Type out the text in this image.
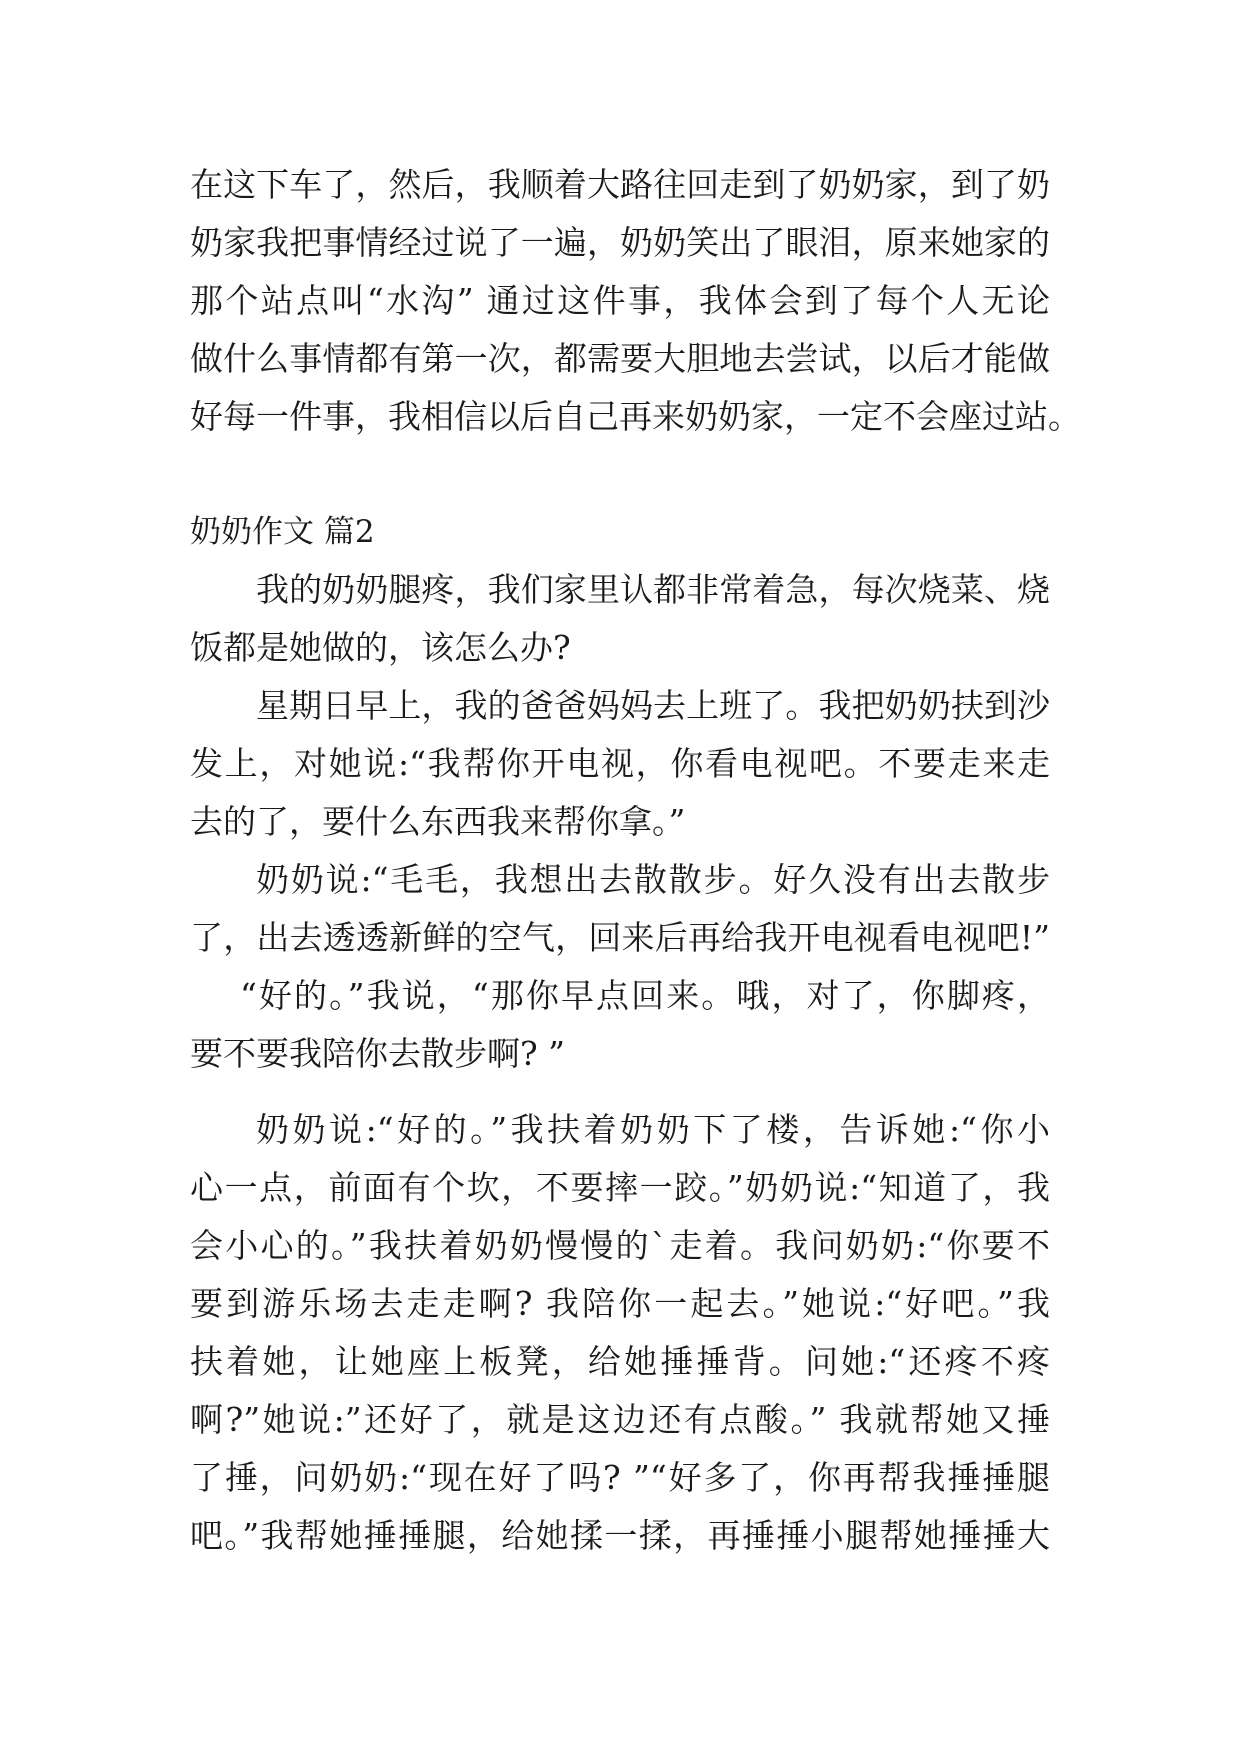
在这下车了，然后，我顺着大路往回走到了奶奶家，到了奶
奶家我把事情经过说了一遍，奶奶笑出了眼泪，原来她家的
那个站点叫“水沟” 通过这件事，我体会到了每个人无论
做什么事情都有第一次，都需要大胆地去尝试，以后才能做
好每一件事，我相信以后自己再来奶奶家，一定不会座过站。
奶奶作文 篇2
我的奶奶腿疼，我们家里认都非常着急，每次烧菜、烧
饭都是她做的，该怎么办?
星期日早上，我的爸爸妈妈去上班了。我把奶奶扶到沙
发上，对她说:“我帮你开电视，你看电视吧。不要走来走
去的了，要什么东西我来帮你拿。”
奶奶说:“毛毛，我想出去散散步。好久没有出去散步
了，出去透透新鲜的空气，回来后再给我开电视看电视吧!”
“好的。”我说，“那你早点回来。哦，对了，你脚疼，
要不要我陪你去散步啊? ”
奶奶说:“好的。”我扶着奶奶下了楼，告诉她:“你小
心一点，前面有个坎，不要摔一跤。”奶奶说:“知道了，我
会小心的。”我扶着奶奶慢慢的`走着。我问奶奶:“你要不
要到游乐场去走走啊? 我陪你一起去。”她说:“好吧。”我
扶着她，让她座上板凳，给她捶捶背。问她:“还疼不疼
啊?”她说:”还好了，就是这边还有点酸。” 我就帮她又捶
了捶，问奶奶:“现在好了吗? ”“好多了，你再帮我捶捶腿
吧。”我帮她捶捶腿，给她揉一揉，再捶捶小腿帮她捶捶大
